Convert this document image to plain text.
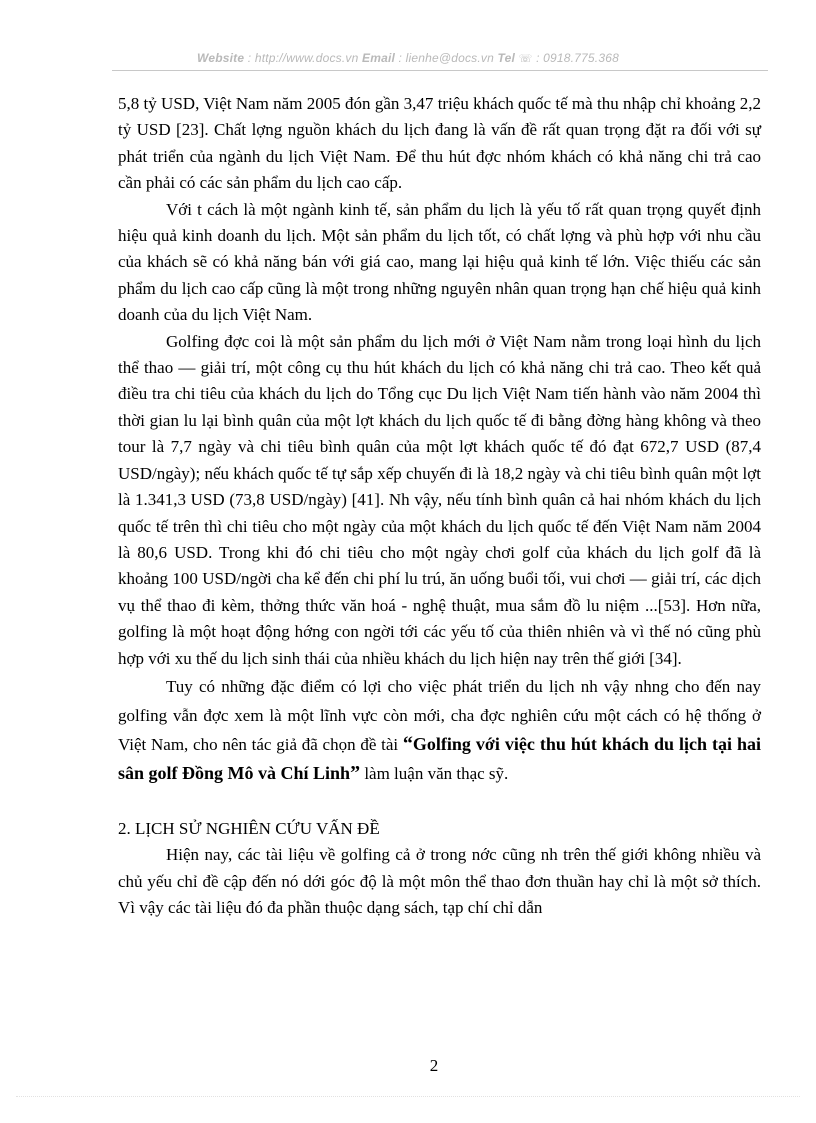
Website : http://www.docs.vn Email : lienhe@docs.vn Tel ☏ : 0918.775.368

5,8 tỷ USD, Việt Nam năm 2005 đón gần 3,47 triệu khách quốc tế mà thu nhập chỉ khoảng 2,2 tỷ USD [23]. Chất lợng nguồn khách du lịch đang là vấn đề rất quan trọng đặt ra đối với sự phát triển của ngành du lịch Việt Nam. Để thu hút đợc nhóm khách có khả năng chi trả cao cần phải có các sản phẩm du lịch cao cấp.

Với t cách là một ngành kinh tế, sản phẩm du lịch là yếu tố rất quan trọng quyết định hiệu quả kinh doanh du lịch. Một sản phẩm du lịch tốt, có chất lợng và phù hợp với nhu cầu của khách sẽ có khả năng bán với giá cao, mang lại hiệu quả kinh tế lớn. Việc thiếu các sản phẩm du lịch cao cấp cũng là một trong những nguyên nhân quan trọng hạn chế hiệu quả kinh doanh của du lịch Việt Nam.

Golfing đợc coi là một sản phẩm du lịch mới ở Việt Nam nằm trong loại hình du lịch thể thao — giải trí, một công cụ thu hút khách du lịch có khả năng chi trả cao. Theo kết quả điều tra chi tiêu của khách du lịch do Tổng cục Du lịch Việt Nam tiến hành vào năm 2004 thì thời gian lu lại bình quân của một lợt khách du lịch quốc tế đi bằng đờng hàng không và theo tour là 7,7 ngày và chi tiêu bình quân của một lợt khách quốc tế đó đạt 672,7 USD (87,4 USD/ngày); nếu khách quốc tế tự sắp xếp chuyến đi là 18,2 ngày và chi tiêu bình quân một lợt là 1.341,3 USD (73,8 USD/ngày) [41]. Nh vậy, nếu tính bình quân cả hai nhóm khách du lịch quốc tế trên thì chi tiêu cho một ngày của một khách du lịch quốc tế đến Việt Nam năm 2004 là 80,6 USD. Trong khi đó chi tiêu cho một ngày chơi golf của khách du lịch golf đã là khoảng 100 USD/ngời cha kể đến chi phí lu trú, ăn uống buổi tối, vui chơi — giải trí, các dịch vụ thể thao đi kèm, thởng thức văn hoá - nghệ thuật, mua sắm đồ lu niệm ...[53]. Hơn nữa, golfing là một hoạt động hớng con ngời tới các yếu tố của thiên nhiên và vì thế nó cũng phù hợp với xu thế du lịch sinh thái của nhiều khách du lịch hiện nay trên thế giới [34].

Tuy có những đặc điểm có lợi cho việc phát triển du lịch nh vậy nhng cho đến nay golfing vẫn đợc xem là một lĩnh vực còn mới, cha đợc nghiên cứu một cách có hệ thống ở Việt Nam, cho nên tác giả đã chọn đề tài “Golfing với việc thu hút khách du lịch tại hai sân golf Đồng Mô và Chí Linh” làm luận văn thạc sỹ.

2. LỊCH SỬ NGHIÊN CỨU VẤN ĐỀ

Hiện nay, các tài liệu về golfing cả ở trong nớc cũng nh trên thế giới không nhiều và chủ yếu chỉ đề cập đến nó dới góc độ là một môn thể thao đơn thuần hay chỉ là một sở thích. Vì vậy các tài liệu đó đa phần thuộc dạng sách, tạp chí chỉ dẫn

2
